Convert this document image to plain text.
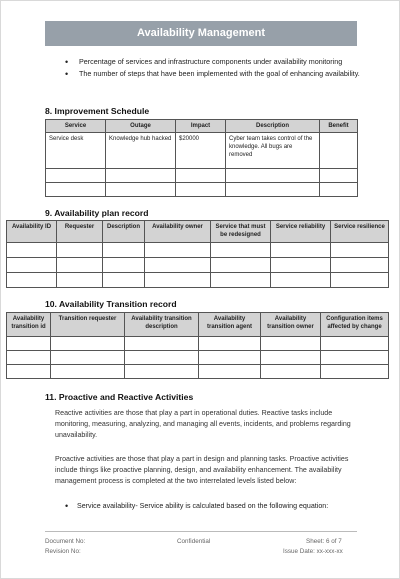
Availability Management
• Percentage of services and infrastructure components under availability monitoring
• The number of steps that have been implemented with the goal of enhancing availability.
8. Improvement Schedule
Service	Outage	Impact	Description	Benefit
Service desk	Knowledge hub hacked	$20000	Cyber team takes control of the knowledge. All bugs are removed	

9. Availability plan record
Availability ID	Requester	Description	Availability owner	Service that must be redesigned	Service reliability	Service resilience

10. Availability Transition record
Availability transition id	Transition requester	Availability transition description	Availability transition agent	Availability transition owner	Configuration items affected by change

11. Proactive and Reactive Activities
Reactive activities are those that play a part in operational duties. Reactive tasks include monitoring, measuring, analyzing, and managing all events, incidents, and problems regarding unavailability.
Proactive activities are those that play a part in design and planning tasks. Proactive activities include things like proactive planning, design, and availability enhancement. The availability management process is completed at the two interrelated levels listed below:
• Service availability- Service ability is calculated based on the following equation:
Document No:
Revision No:
Confidential	Sheet: 6 of 7
Issue Date: xx-xxx-xx
